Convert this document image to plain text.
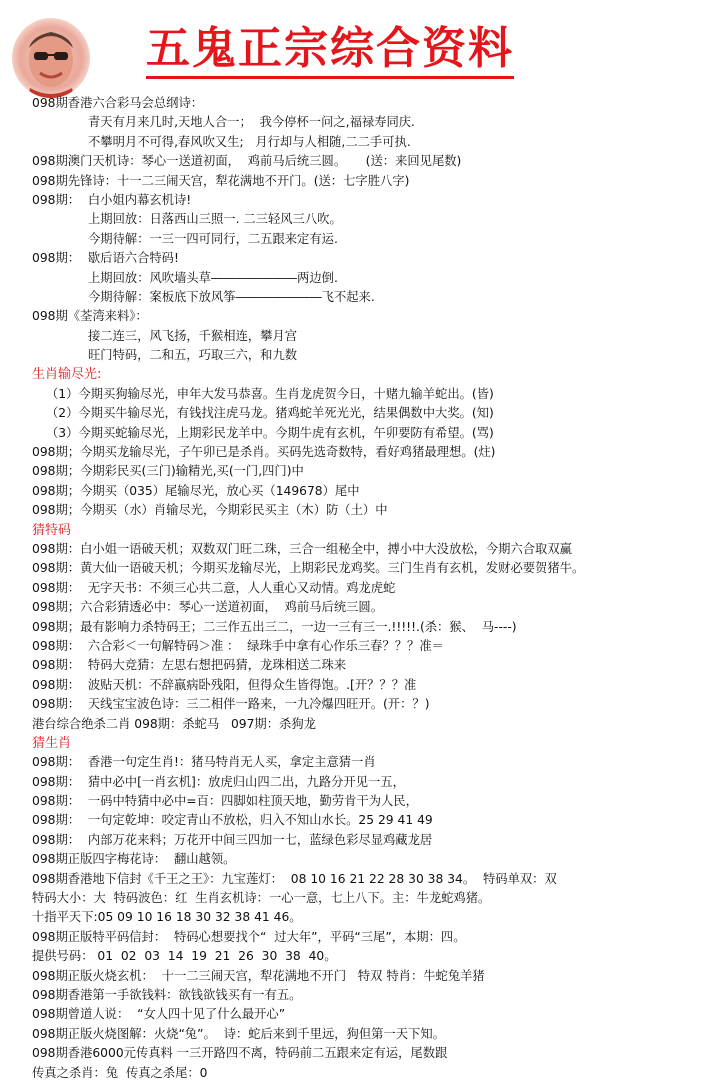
五鬼正宗综合资料
098期香港六合彩马会总纲诗：
青天有月来几时,天地人合一；  我今停杯一问之,福禄寿同庆.
不攀明月不可得,春风吹又生;   月行却与人相随,二二手可执.
098期澳门天机诗：琴心一送道初面，  鸡前马后统三圆。     (送：来回见尾数)
098期先锋诗：十一二三闹天宫，犁花满地不开门。(送：七字胜八字)
098期：  白小姐内幕玄机诗!
上期回放：日落西山三照一. 二三轻风三八吹。
今期待解：一三一四可同行，二五跟来定有运.
098期：  歇后语六合特码!
上期回放：风吹墙头草―――――――两边倒.
今期待解：案板底下放风筝―――――――飞不起来.
098期《荃湾来料》：
接二连三，风飞扬，千猴相连，攀月宫
旺门特码，二和五，巧取三六，和九数
生肖输尽光:
（1）今期买狗输尽光，申年大发马恭喜。生肖龙虎贺今日，十赌九输羊蛇出。(皆)
（2）今期买牛输尽光，有钱找注虎马龙。猪鸡蛇羊死光光，结果偶数中大奖。(知)
（3）今期买蛇输尽光，上期彩民龙羊中。今期牛虎有玄机，午卯要防有希望。(骂)
098期；今期买龙输尽光，子午卯已是杀肖。买码先选奇数特，看好鸡猪最理想。(炷)
098期；今期彩民买(三门)输精光,买(一门,四门)中
098期；今期买（035）尾输尽光，放心买（149678）尾中
098期；今期买（水）肖输尽光，今期彩民买主（木）防（土）中
猜特码
098期：白小姐一语破天机；双数双门旺二珠，三合一组秘全中，搏小中大没放松，今期六合取双赢
098期：黄大仙一语破天机；今期买龙输尽光，上期彩民龙鸡奖。三门生肖有玄机，发财必要贺猪牛。
098期：  无字天书：不须三心共二意，人人重心又动情。鸡龙虎蛇
098期；六合彩猜透必中：琴心一送道初面，  鸡前马后统三圆。
098期；最有影响力杀特码王；二三作五出三二，一边一三有三一.!!!!!.(杀：猴、  马----)
098期：  六合彩＜一句解特码＞准 ：  绿珠手中拿有心作乐三春？？？准＝
098期：  特码大竞猜：左思右想把码猜，龙珠相送二珠来
098期：  波贴天机：不辞嬴病卧残阳，但得众生皆得饱。.[开？？？准
098期：  天线宝宝波色诗：三二相伴一路来，一九冷爆四旺开。(开：？)
港台综合绝杀二肖 098期：杀蛇马   097期：杀狗龙
猜生肖
098期：  香港一句定生肖!：猪马特肖无人买，拿定主意猜一肖
098期：  猜中必中[一肖玄机]：放虎归山四二出，九路分开见一五，
098期：  一码中特猜中必中=百：四脚如柱顶天地，勤劳肯干为人民，
098期：  一句定乾坤：咬定青山不放松，归入不知山水长。25 29 41 49
098期：  内部万花来料；万花开中间三四加一七，蓝绿色彩尽显鸡藏龙居
098期正版四字梅花诗：  翻山越领。
098期香港地下信封《千王之王》：九宝莲灯：  08 10 16 21 22 28 30 38 34。  特码单双：双
特码大小：大  特码波色：红  生肖玄机诗：一心一意，七上八下。主：牛龙蛇鸡猪。
十指平天下:05 09 10 16 18 30 32 38 41 46。
098期正版特平码信封：  特码心想要找个“  过大年”，平码“三尾”，本期：四。
提供号码： 01  02  03  14  19  21  26  30  38  40。
098期正版火烧玄机：  十一二三闹天宫，犁花满地不开门   特双 特肖：牛蛇兔羊猪
098期香港第一手欲钱料：欲钱欲钱买有一有五。
098期曾道人说：  “女人四十见了什么最开心”
098期正版火烧图解：火烧“兔”。  诗：蛇后来到千里远，狗但第一天下知。
098期香港6000元传真料 一三开路四不离，特码前二五跟来定有运，尾数跟
传真之杀肖：兔  传真之杀尾：0
